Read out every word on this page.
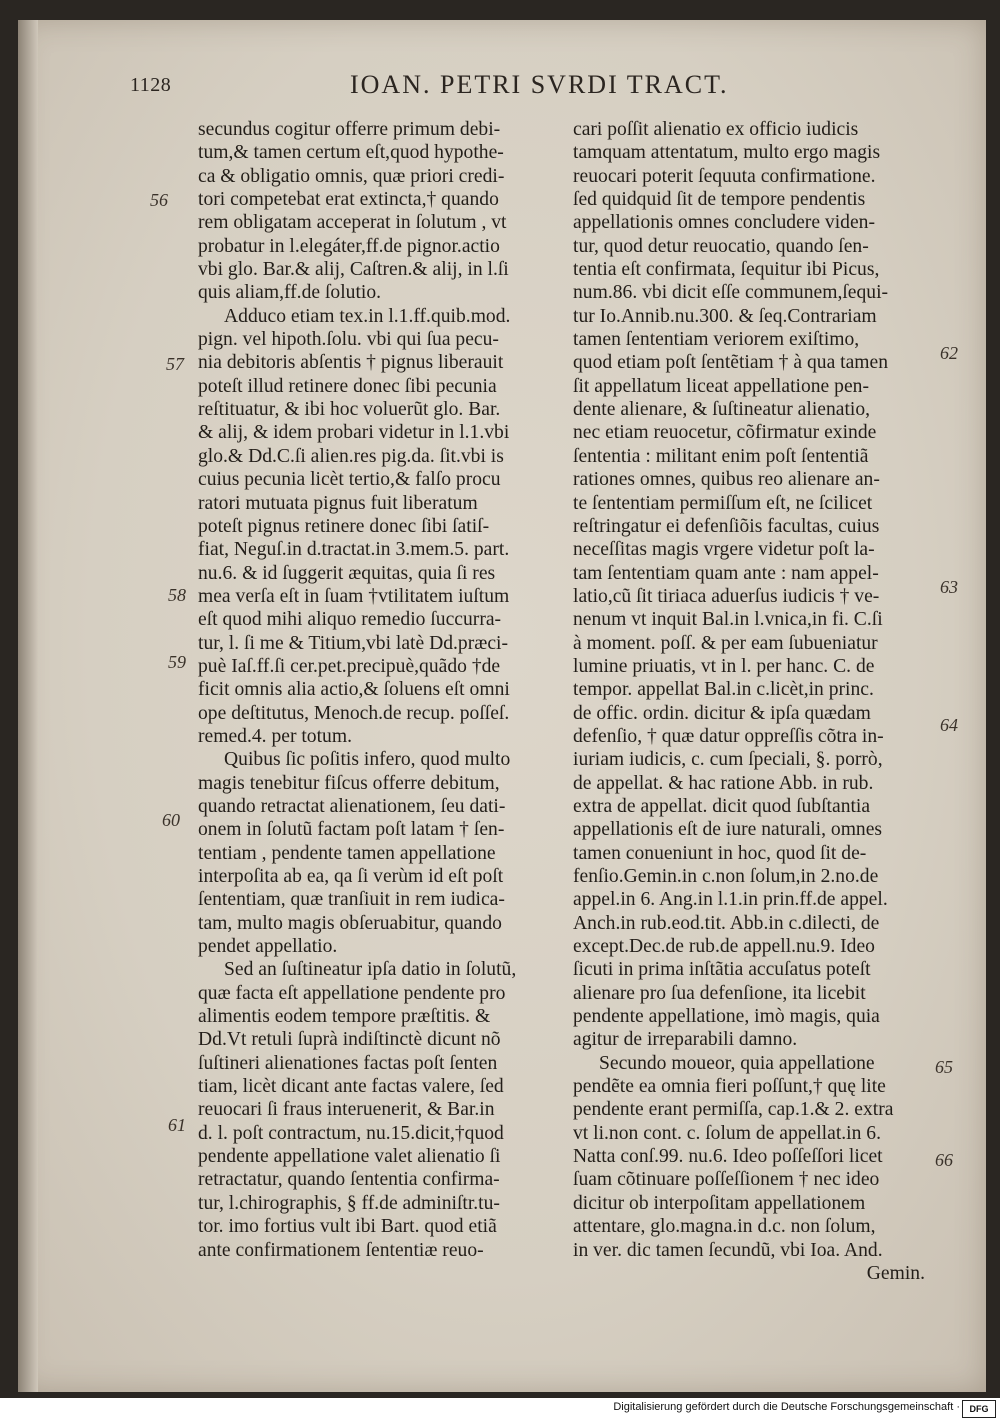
1128	IOAN. PETRI SVRDI TRACT.
secundus cogitur offerre primum debi-
tum,& tamen certum eſt,quod hypothe-
ca & obligatio omnis, quæ priori credi-
tori competebat erat extincta,† quando
rem obligatam acceperat in ſolutum , vt
probatur in l.elegáter,ff.de pignor.actio
vbi glo. Bar.& alij, Caſtren.& alij, in l.ſi
quis aliam,ff.de ſolutio.
Adduco etiam tex.in l.1.ff.quib.mod.
pign. vel hipoth.ſolu. vbi qui ſua pecu-
nia debitoris abſentis † pignus liberauit
poteſt illud retinere donec ſibi pecunia
reſtituatur, & ibi hoc voluerũt glo. Bar.
& alij, & idem probari videtur in l.1.vbi
glo.& Dd.C.ſi alien.res pig.da. ſit.vbi is
cuius pecunia licèt tertio,& falſo procu
ratori mutuata pignus fuit liberatum
poteſt pignus retinere donec ſibi ſatiſ-
fiat, Neguſ.in d.tractat.in 3.mem.5. part.
nu.6. & id ſuggerit æquitas, quia ſi res
mea verſa eſt in ſuam †vtilitatem iuſtum
eſt quod mihi aliquo remedio ſuccurra-
tur, l. ſi me & Titium,vbi latè Dd.præci-
puè Iaſ.ff.ſi cer.pet.precipuè,quãdo †de
ficit omnis alia actio,& ſoluens eſt omni
ope deſtitutus, Menoch.de recup. poſſeſ.
remed.4. per totum.
Quibus ſic poſitis infero, quod multo
magis tenebitur fiſcus offerre debitum,
quando retractat alienationem, ſeu dati-
onem in ſolutũ factam poſt latam † ſen-
tentiam , pendente tamen appellatione
interpoſita ab ea, qa ſi verùm id eſt poſt
ſententiam, quæ tranſiuit in rem iudica-
tam, multo magis obſeruabitur, quando
pendet appellatio.
Sed an ſuſtineatur ipſa datio in ſolutũ,
quæ facta eſt appellatione pendente pro
alimentis eodem tempore præſtitis. &
Dd.Vt retuli ſuprà indiſtinctè dicunt nõ
ſuſtineri alienationes factas poſt ſenten
tiam, licèt dicant ante factas valere, ſed
reuocari ſi fraus interuenerit, & Bar.in
d. l. poſt contractum, nu.15.dicit,†quod
pendente appellatione valet alienatio ſi
retractatur, quando ſententia confirma-
tur, l.chirographis, § ff.de adminiſtr.tu-
tor. imo fortius vult ibi Bart. quod etiã
ante confirmationem ſententiæ reuo-
cari poſſit alienatio ex officio iudicis
tamquam attentatum, multo ergo magis
reuocari poterit ſequuta confirmatione.
ſed quidquid ſit de tempore pendentis
appellationis omnes concludere viden-
tur, quod detur reuocatio, quando ſen-
tentia eſt confirmata, ſequitur ibi Picus,
num.86. vbi dicit eſſe communem,ſequi-
tur Io.Annib.nu.300. & ſeq.Contrariam
tamen ſententiam veriorem exiſtimo,
quod etiam poſt ſentẽtiam † à qua tamen
ſit appellatum liceat appellatione pen-
dente alienare, & ſuſtineatur alienatio,
nec etiam reuocetur, cõfirmatur exinde
ſententia : militant enim poſt ſententiã
rationes omnes, quibus reo alienare an-
te ſententiam permiſſum eſt, ne ſcilicet
reſtringatur ei defenſiõis facultas, cuius
neceſſitas magis vrgere videtur poſt la-
tam ſententiam quam ante : nam appel-
latio,cũ ſit tiriaca aduerſus iudicis † ve-
nenum vt inquit Bal.in l.vnica,in fi. C.ſi
à moment. poſſ. & per eam ſubueniatur
lumine priuatis, vt in l. per hanc. C. de
tempor. appellat Bal.in c.licèt,in princ.
de offic. ordin. dicitur & ipſa quædam
defenſio, † quæ datur oppreſſis cõtra in-
iuriam iudicis, c. cum ſpeciali, §. porrò,
de appellat. & hac ratione Abb. in rub.
extra de appellat. dicit quod ſubſtantia
appellationis eſt de iure naturali, omnes
tamen conueniunt in hoc, quod ſit de-
fenſio.Gemin.in c.non ſolum,in 2.no.de
appel.in 6. Ang.in l.1.in prin.ff.de appel.
Anch.in rub.eod.tit. Abb.in c.dilecti, de
except.Dec.de rub.de appell.nu.9. Ideo
ſicuti in prima inſtãtia accuſatus poteſt
alienare pro ſua defenſione, ita licebit
pendente appellatione, imò magis, quia
agitur de irreparabili damno.
Secundo moueor, quia appellatione
pendẽte ea omnia fieri poſſunt,† quę lite
pendente erant permiſſa, cap.1.& 2. extra
vt li.non cont. c. ſolum de appellat.in 6.
Natta conſ.99. nu.6. Ideo poſſeſſori licet
ſuam cõtinuare poſſeſſionem † nec ideo
dicitur ob interpoſitam appellationem
attentare, glo.magna.in d.c. non ſolum,
in ver. dic tamen ſecundũ, vbi Ioa. And.
Gemin.
56
57
58
59
60
61
62
63
64
65
66
Digitalisierung gefördert durch die Deutsche Forschungsgemeinschaft ·	DFG
